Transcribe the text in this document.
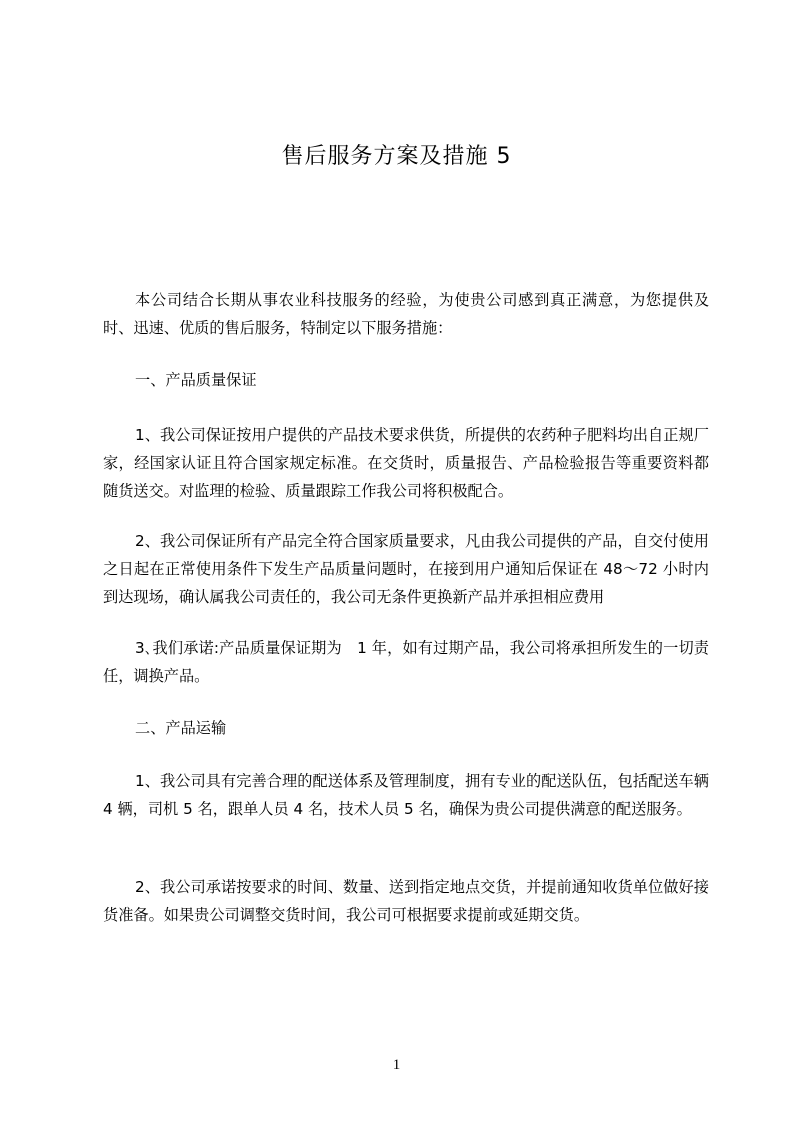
售后服务方案及措施 5

本公司结合长期从事农业科技服务的经验，为使贵公司感到真正满意，为您提供及时、迅速、优质的售后服务，特制定以下服务措施：

一、产品质量保证

1、我公司保证按用户提供的产品技术要求供货，所提供的农药种子肥料均出自正规厂家，经国家认证且符合国家规定标准。在交货时，质量报告、产品检验报告等重要资料都随货送交。对监理的检验、质量跟踪工作我公司将积极配合。

2、我公司保证所有产品完全符合国家质量要求，凡由我公司提供的产品，自交付使用之日起在正常使用条件下发生产品质量问题时，在接到用户通知后保证在 48～72 小时内到达现场，确认属我公司责任的，我公司无条件更换新产品并承担相应费用

3､我们承诺:产品质量保证期为　1 年，如有过期产品，我公司将承担所发生的一切责任，调换产品。

二、产品运输

1、我公司具有完善合理的配送体系及管理制度，拥有专业的配送队伍，包括配送车辆 4 辆，司机 5 名，跟单人员 4 名，技术人员 5 名，确保为贵公司提供满意的配送服务。

2、我公司承诺按要求的时间、数量、送到指定地点交货，并提前通知收货单位做好接货准备。如果贵公司调整交货时间，我公司可根据要求提前或延期交货。

1
